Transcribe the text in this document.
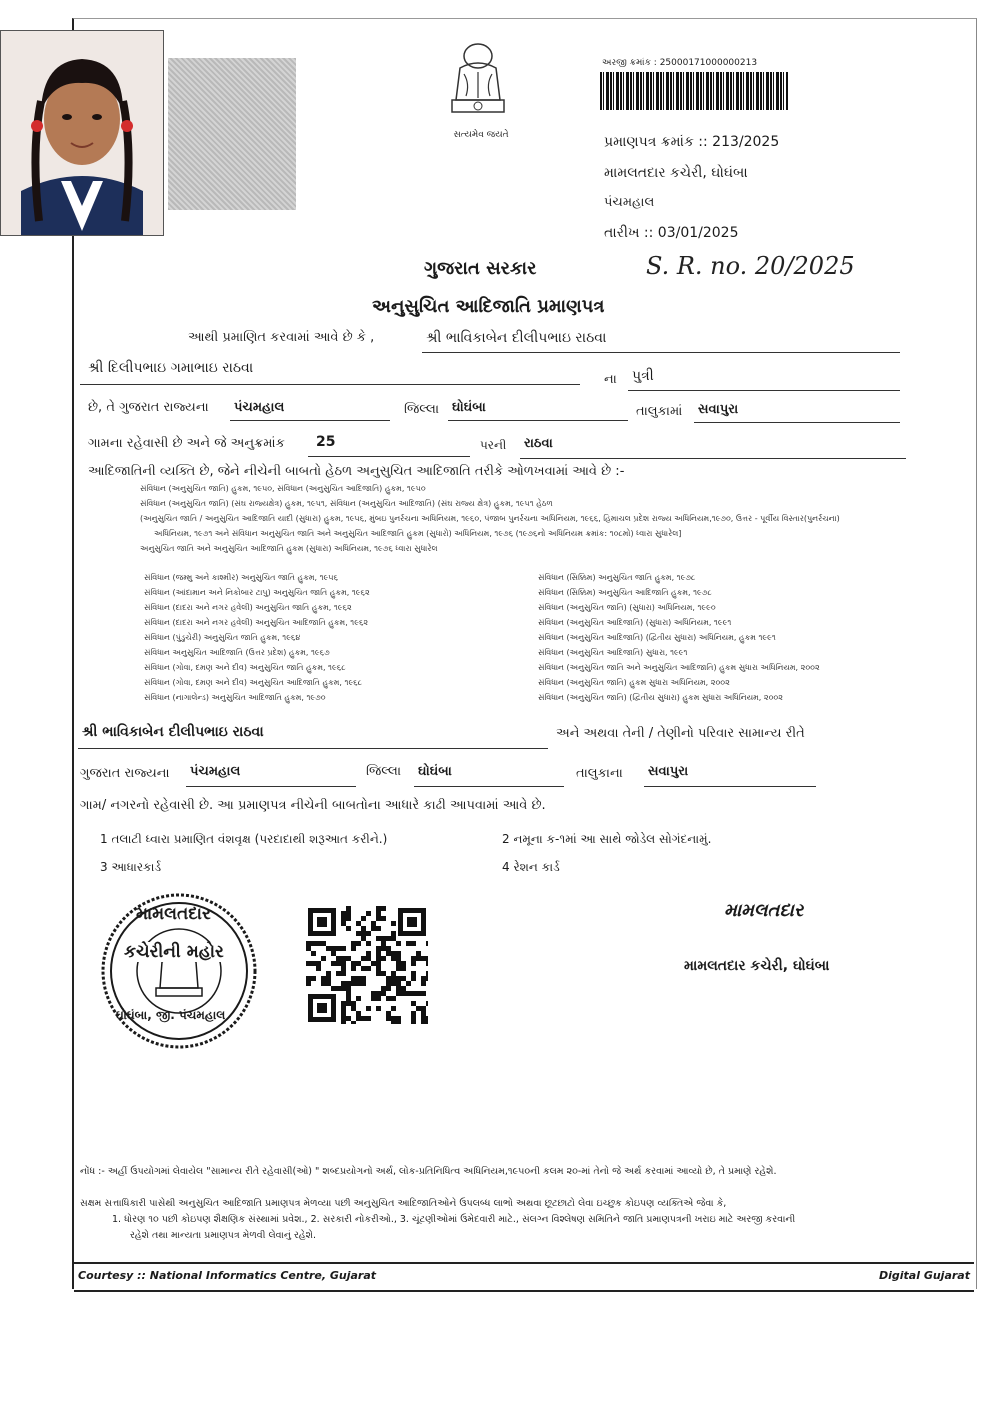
સત્યમેવ જયતે
અરજી ક્રમાંક : 25000171000000213
પ્રમાણપત્ર ક્રમાંક :: 213/2025
મામલતદાર કચેરી, ઘોઘંબા
પંચમહાલ
તારીખ :: 03/01/2025
S. R. no. 20/2025
ગુજરાત સરકાર
અનુસુચિત આદિજાતિ પ્રમાણપત્ર
આથી પ્રમાણિત કરવામાં આવે છે કે ,	શ્રી ભાવિકાબેન દીલીપભાઇ રાઠવા
શ્રી દિલીપભાઇ ગમાભાઇ રાઠવા
ના પુત્રી
છે, તે ગુજરાત રાજ્યના પંચમહાલ	જિલ્લા ઘોઘંબા	તાલુકામાં સવાપુરા
ગામના રહેવાસી છે અને જે અનુક્રમાંક 25	પરની રાઠવા
આદિજાતિની વ્યક્તિ છે, જેને નીચેની બાબતો હેઠળ અનુસુચિત આદિજાતિ તરીકે ઓળખવામાં આવે છે :-
સંવિધાન (અનુસુચિત જાતિ) હુકમ, ૧૯૫૦, સંવિધાન (અનુસુચિત આદિજાતિ) હુકમ, ૧૯૫૦
સંવિધાન (અનુસુચિત જાતિ) (સંઘ રાજ્યક્ષેત્ર) હુકમ, ૧૯૫૧, સંવિધાન (અનુસુચિત આદિજાતિ) (સંઘ રાજ્ય ક્ષેત્ર) હુકમ, ૧૯૫૧ હેઠળ
(અનુસુચિત જાતિ / અનુસુચિત આદિજાતિ યાદી (સુધારા) હુકમ, ૧૯૫૬, મુંબઇ પુનર્રચના અધિનિયમ, ૧૯૬૦, પંજાબ પુનર્રચના અધિનિયમ, ૧૯૬૬, હિમાચલ પ્રદેશ રાજ્ય અધિનિયમ,૧૯૭૦, ઉત્તર - પૂર્વીય વિસ્તાર(પુનર્રચના)
અધિનિયમ, ૧૯૭૧ અને સંવિધાન અનુસુચિત જાતિ અને અનુસુચિત આદિજાતિ હુકમ (સુધારો) અધિનિયમ, ૧૯૭૬ (૧૯૭૬નો અધિનિયમ ક્રમાંક: ૧૦૮મો) ધ્વારા સુધારેલ]
અનુસુચિત જાતિ અને અનુસુચિત આદિજાતિ હુકમ (સુધારા) અધિનિયમ, ૧૯૭૬ ધ્વારા સુધારેલ
સંવિધાન (જમ્મુ અને કાશ્મીર) અનુસુચિત જાતિ હુકમ, ૧૯૫૬
સંવિધાન (આંદામાન અને નિકોબાર ટાપુ) અનુસુચિત જાતિ હુકમ, ૧૯૬૨
સંવિધાન (દાદરા અને નગર હવેલી) અનુસુચિત જાતિ હુકમ, ૧૯૬૨
સંવિધાન (દાદરા અને નગર હવેલી) અનુસુચિત આદિજાતિ હુકમ, ૧૯૬૨
સંવિધાન (પુંડુચેરી) અનુસુચિત જાતિ હુકમ, ૧૯૬૪
સંવિધાન અનુસુચિત આદિજાતિ (ઉત્તર પ્રદેશ) હુકમ, ૧૯૬૭
સંવિધાન (ગોવા, દમણ અને દીવ) અનુસુચિત જાતિ હુકમ, ૧૯૬૮
સંવિધાન (ગોવા, દમણ અને દીવ) અનુસુચિત આદિજાતિ હુકમ, ૧૯૬૮
સંવિધાન (નાગાલેન્ડ) અનુસુચિત આદિજાતિ હુકમ, ૧૯૭૦
સંવિધાન (સિક્કિમ) અનુસુચિત જાતિ હુકમ, ૧૯૭૮
સંવિધાન (સિક્કિમ) અનુસુચિત આદિજાતિ હુકમ, ૧૯૭૮
સંવિધાન (અનુસુચિત જાતિ) (સુધારા) અધિનિયમ, ૧૯૯૦
સંવિધાન (અનુસુચિત આદિજાતિ) (સુધારા) અધિનિયમ, ૧૯૯૧
સંવિધાન (અનુસુચિત આદિજાતિ) (દ્વિતીય સુધારા) અધિનિયમ, હુકમ ૧૯૯૧
સંવિધાન (અનુસુચિત આદિજાતિ) સુધારા, ૧૯૯૧
સંવિધાન (અનુસુચિત જાતિ અને અનુસુચિત આદિજાતિ) હુકમ સુધારા અધિનિયમ, ૨૦૦૨
સંવિધાન (અનુસુચિત જાતિ) હુકમ સુધારા અધિનિયમ, ૨૦૦૨
સંવિધાન (અનુસુચિત જાતિ) (દ્વિતીય સુધારા) હુકમ સુધારા અધિનિયમ, ૨૦૦૨
શ્રી ભાવિકાબેન દીલીપભાઇ રાઠવા	અને અથવા તેની / તેણીનો પરિવાર સામાન્ય રીતે
ગુજરાત રાજ્યના પંચમહાલ	જિલ્લા ઘોઘંબા	તાલુકાના સવાપુરા
ગામ/ નગરનો રહેવાસી છે. આ પ્રમાણપત્ર નીચેની બાબતોના આધારે કાઢી આપવામાં આવે છે.
1 તલાટી ધ્વારા પ્રમાણિત વંશવૃક્ષ (પરદાદાથી શરૂઆત કરીને.)	2 નમૂના ક-૧માં આ સાથે જોડેલ સોગંદનામું.
3 આધારકાર્ડ	4 રેશન કાર્ડ
મામલતદાર
કચેરીની મહોર
ઘોઘંબા, જી. પંચમહાલ
મામલતદાર
મામલતદાર કચેરી, ઘોઘંબા
નોંધ :- અહીં ઉપયોગમાં લેવાયેલ "સામાન્ય રીતે રહેવાસી(ઓ) " શબ્દપ્રયોગનો અર્થ, લોક-પ્રતિનિધિત્વ અધિનિયમ,૧૯૫૦ની કલમ ૨૦-માં તેનો જે અર્થ કરવામાં આવ્યો છે, તે પ્રમાણે રહેશે.
સક્ષમ સત્તાધિકારી પાસેથી અનુસુચિત આદિજાતિ પ્રમાણપત્ર મેળવ્યા પછી અનુસુચિત આદિજાતિઓને ઉપલબ્ધ લાભો અથવા છૂટછાટો લેવા ઇચ્છુક કોઇપણ વ્યક્તિએ જેવા કે,
1. ધોરણ ૧૦ પછી કોઇપણ શૈક્ષણિક સંસ્થામાં પ્રવેશ., 2. સરકારી નોકરીઓ., 3. ચૂંટણીઓમાં ઉમેદવારી માટે., સંલગ્ન વિશ્લેષણ સમિતિને જાતિ પ્રમાણપત્રની ખરાઇ માટે અરજી કરવાની
રહેશે તથા માન્યતા પ્રમાણપત્ર મેળવી લેવાનું રહેશે.
Courtesy :: National Informatics Centre, Gujarat	Digital Gujarat
